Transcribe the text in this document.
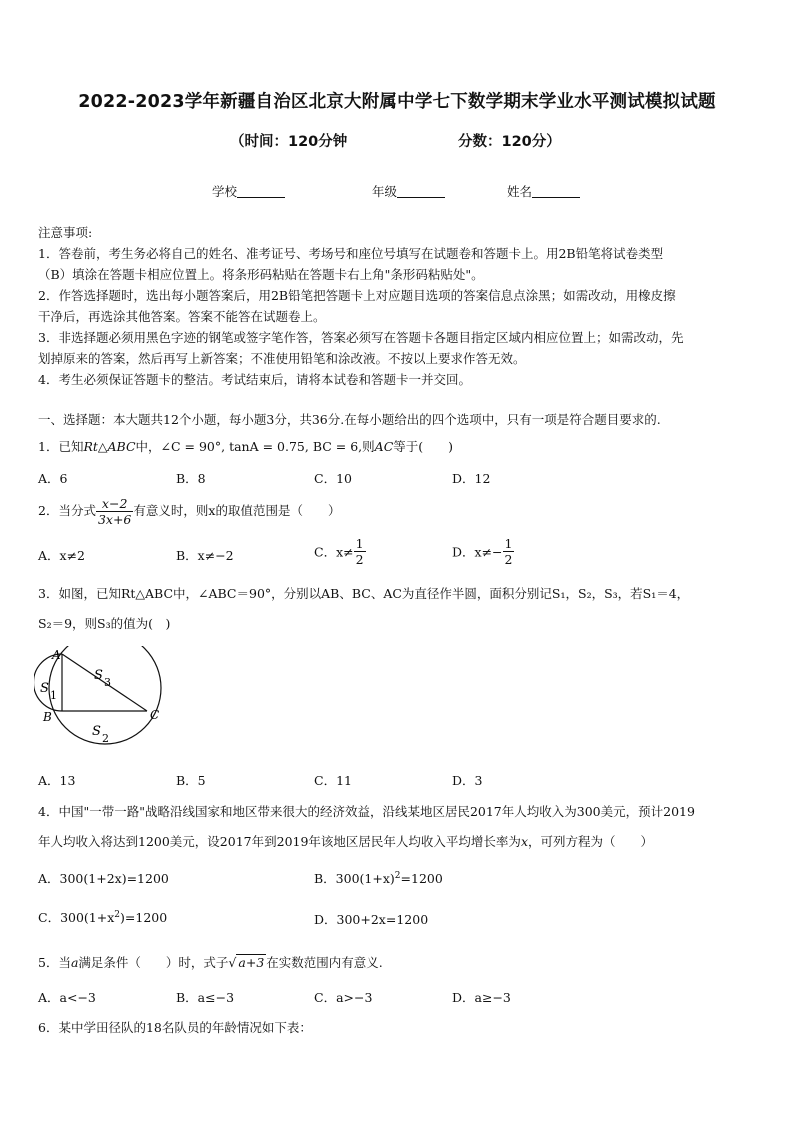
2022-2023学年新疆自治区北京大附属中学七下数学期末学业水平测试模拟试题
（时间：120分钟	分数：120分）
学校	年级	姓名
注意事项:
1．答卷前，考生务必将自己的姓名、准考证号、考场号和座位号填写在试题卷和答题卡上。用2B铅笔将试卷类型
（B）填涂在答题卡相应位置上。将条形码粘贴在答题卡右上角"条形码粘贴处"。
2．作答选择题时，选出每小题答案后，用2B铅笔把答题卡上对应题目选项的答案信息点涂黑；如需改动，用橡皮擦
干净后，再选涂其他答案。答案不能答在试题卷上。
3．非选择题必须用黑色字迹的钢笔或签字笔作答，答案必须写在答题卡各题目指定区域内相应位置上；如需改动，先
划掉原来的答案，然后再写上新答案；不准使用铅笔和涂改液。不按以上要求作答无效。
4．考生必须保证答题卡的整洁。考试结束后，请将本试卷和答题卡一并交回。
一、选择题：本大题共12个小题，每小题3分，共36分.在每小题给出的四个选项中，只有一项是符合题目要求的.
1．已知Rt△ABC中，∠C = 90°, tanA = 0.75, BC = 6,则AC等于(　　)
A．6	B．8	C．10	D．12
2．当分式 $\frac{x-2}{3x+6}$ 有意义时，则x的取值范围是（　　）
A．x≠2	B．x≠−2	C．$x\ne \frac{1}{2}$	D．$x\ne- \frac{1}{2}$
3．如图，已知Rt△ABC中，∠ABC＝90°，分别以AB、BC、AC为直径作半圆，面积分别记S₁，S₂，S₃，若S₁＝4，
S₂＝9，则S₃的值为(　)
A
B	C
S 1
S 3
S 2
A．13	B．5	C．11	D．3
4．中国"一带一路"战略沿线国家和地区带来很大的经济效益，沿线某地区居民2017年人均收入为300美元，预计2019
年人均收入将达到1200美元，设2017年到2019年该地区居民年人均收入平均增长率为x，可列方程为（　　）
A．300(1+2x)=1200	B．$300(1+x)^2=1200$
C．$300(1+x^2)=1200$	D．300+2x=1200
5．当a满足条件（　　）时，式子√ a+3 在实数范围内有意义.
A．a<−3	B．a≤−3	C．a>−3	D．a≥−3
6．某中学田径队的18名队员的年龄情况如下表：
